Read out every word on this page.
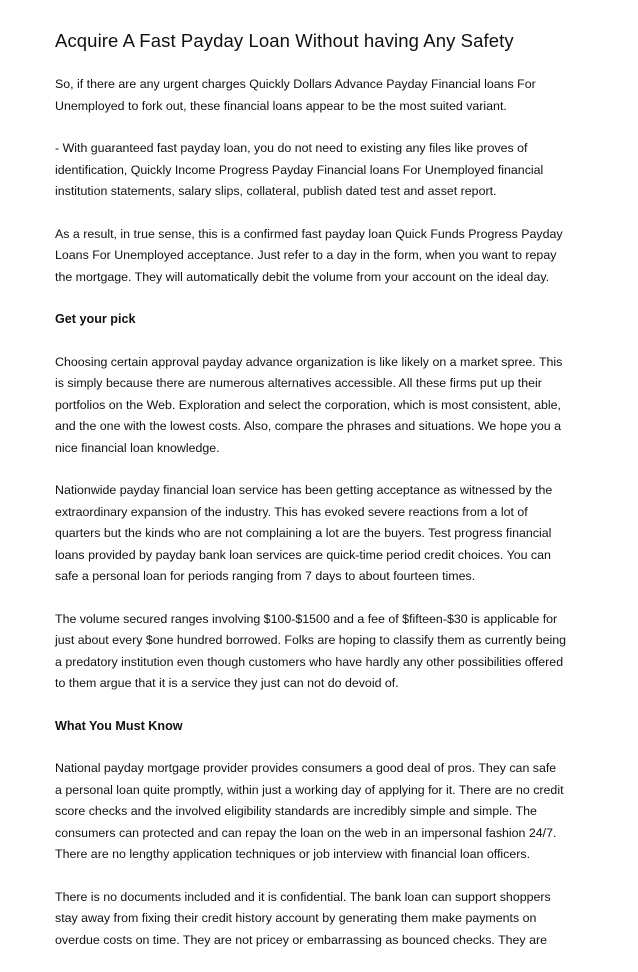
Acquire A Fast Payday Loan Without having Any Safety
So, if there are any urgent charges Quickly Dollars Advance Payday Financial loans For
Unemployed to fork out, these financial loans appear to be the most suited variant.
- With guaranteed fast payday loan, you do not need to existing any files like proves of
identification, Quickly Income Progress Payday Financial loans For Unemployed financial
institution statements, salary slips, collateral, publish dated test and asset report.
As a result, in true sense, this is a confirmed fast payday loan Quick Funds Progress Payday
Loans For Unemployed acceptance. Just refer to a day in the form, when you want to repay
the mortgage. They will automatically debit the volume from your account on the ideal day.
Get your pick
Choosing certain approval payday advance organization is like likely on a market spree. This
is simply because there are numerous alternatives accessible. All these firms put up their
portfolios on the Web. Exploration and select the corporation, which is most consistent, able,
and the one with the lowest costs. Also, compare the phrases and situations. We hope you a
nice financial loan knowledge.
Nationwide payday financial loan service has been getting acceptance as witnessed by the
extraordinary expansion of the industry. This has evoked severe reactions from a lot of
quarters but the kinds who are not complaining a lot are the buyers. Test progress financial
loans provided by payday bank loan services are quick-time period credit choices. You can
safe a personal loan for periods ranging from 7 days to about fourteen times.
The volume secured ranges involving $100-$1500 and a fee of $fifteen-$30 is applicable for
just about every $one hundred borrowed. Folks are hoping to classify them as currently being
a predatory institution even though customers who have hardly any other possibilities offered
to them argue that it is a service they just can not do devoid of.
What You Must Know
National payday mortgage provider provides consumers a good deal of pros. They can safe
a personal loan quite promptly, within just a working day of applying for it. There are no credit
score checks and the involved eligibility standards are incredibly simple and simple. The
consumers can protected and can repay the loan on the web in an impersonal fashion 24/7.
There are no lengthy application techniques or job interview with financial loan officers.
There is no documents included and it is confidential. The bank loan can support shoppers
stay away from fixing their credit history account by generating them make payments on
overdue costs on time. They are not pricey or embarrassing as bounced checks. They are
